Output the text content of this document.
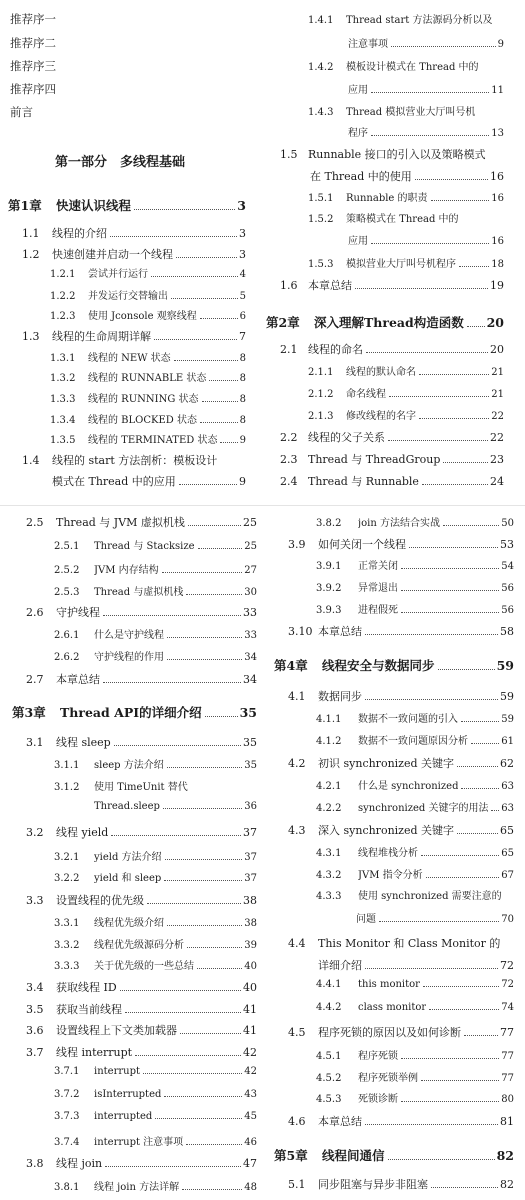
推荐序一
推荐序二
推荐序三
推荐序四
前言
第一部分　多线程基础
第1章	快速认识线程	3
1.1	线程的介绍	3
1.2	快速创建并启动一个线程	3
1.2.1	尝试并行运行	4
1.2.2	并发运行交替输出	5
1.2.3	使用 Jconsole 观察线程	6
1.3	线程的生命周期详解	7
1.3.1	线程的 NEW 状态	8
1.3.2	线程的 RUNNABLE 状态	8
1.3.3	线程的 RUNNING 状态	8
1.3.4	线程的 BLOCKED 状态	8
1.3.5	线程的 TERMINATED 状态 9
1.4	线程的 start 方法剖析：模板设计
模式在 Thread 中的应用	9
1.4.1	Thread start 方法源码分析以及
注意事项	9
1.4.2	模板设计模式在 Thread 中的
应用	11
1.4.3	Thread 模拟营业大厅叫号机
程序	13
1.5 Runnable 接口的引入以及策略模式
在 Thread 中的使用	16
1.5.1	Runnable 的职责	16
1.5.2	策略模式在 Thread 中的
应用	16
1.5.3	模拟营业大厅叫号机程序	18
1.6 本章总结	19
第2章	深入理解Thread构造函数 20
2.1 线程的命名	20
2.1.1	线程的默认命名	21
2.1.2	命名线程	21
2.1.3	修改线程的名字	22
2.2 线程的父子关系	22
2.3 Thread 与 ThreadGroup	23
2.4 Thread 与 Runnable	24
2.5	Thread 与 JVM 虚拟机栈	25
2.5.1	Thread 与 Stacksize	25
2.5.2	JVM 内存结构	27
2.5.3	Thread 与虚拟机栈	30
2.6	守护线程	33
2.6.1	什么是守护线程	33
2.6.2	守护线程的作用	34
2.7	本章总结	34
第3章	Thread API的详细介绍	35
3.1	线程 sleep	35
3.1.1	sleep 方法介绍	35
3.1.2	使用 TimeUnit 替代
Thread.sleep	36
3.2	线程 yield	37
3.2.1	yield 方法介绍	37
3.2.2	yield 和 sleep	37
3.3	设置线程的优先级	38
3.3.1	线程优先级介绍	38
3.3.2	线程优先级源码分析	39
3.3.3	关于优先级的一些总结	40
3.4	获取线程 ID	40
3.5	获取当前线程	41
3.6	设置线程上下文类加载器	41
3.7	线程 interrupt	42
3.7.1	interrupt	42
3.7.2	isInterrupted	43
3.7.3	interrupted	45
3.7.4	interrupt 注意事项	46
3.8	线程 join	47
3.8.1	线程 join 方法详解	48
3.8.2	join 方法结合实战	50
3.9	如何关闭一个线程	53
3.9.1	正常关闭	54
3.9.2	异常退出	56
3.9.3	进程假死	56
3.10 本章总结	58
第4章	线程安全与数据同步	59
4.1	数据同步	59
4.1.1	数据不一致问题的引入	59
4.1.2	数据不一致问题原因分析	61
4.2	初识 synchronized 关键字	62
4.2.1	什么是 synchronized	63
4.2.2	synchronized 关键字的用法 63
4.3	深入 synchronized 关键字	65
4.3.1	线程堆栈分析	65
4.3.2	JVM 指令分析	67
4.3.3	使用 synchronized 需要注意的
问题	70
4.4	This Monitor 和 Class Monitor 的
详细介绍	72
4.4.1	this monitor	72
4.4.2	class monitor	74
4.5	程序死锁的原因以及如何诊断	77
4.5.1	程序死锁	77
4.5.2	程序死锁举例	77
4.5.3	死锁诊断	80
4.6	本章总结	81
第5章	线程间通信	82
5.1	同步阻塞与异步非阻塞	82
